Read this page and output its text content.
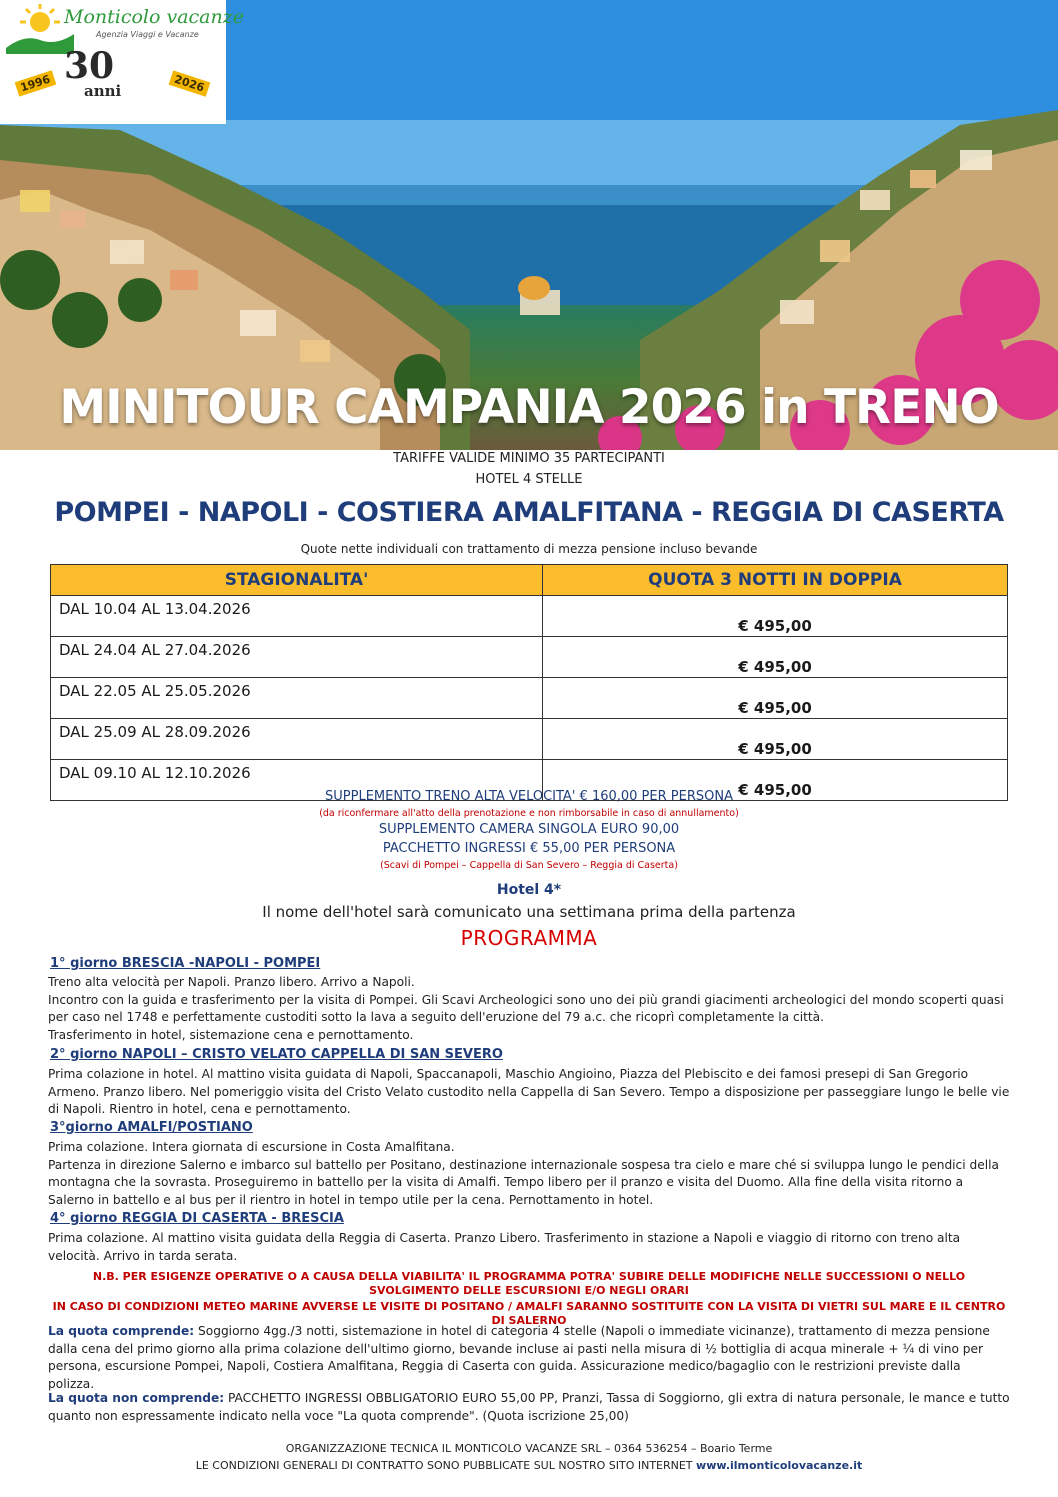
Monticolo vacanze
Agenzia Viaggi e Vacanze
1996	2026
30
anni
MINITOUR CAMPANIA 2026 in TRENO
TARIFFE VALIDE MINIMO 35 PARTECIPANTI
HOTEL 4 STELLE
POMPEI - NAPOLI - COSTIERA AMALFITANA - REGGIA DI CASERTA
Quote nette individuali con trattamento di mezza pensione incluso bevande
STAGIONALITA'	QUOTA 3 NOTTI IN DOPPIA
DAL 10.04 AL 13.04.2026	€ 495,00
DAL 24.04 AL 27.04.2026	€ 495,00
DAL 22.05 AL 25.05.2026	€ 495,00
DAL 25.09 AL 28.09.2026	€ 495,00
DAL 09.10 AL 12.10.2026	€ 495,00
SUPPLEMENTO TRENO ALTA VELOCITA' € 160,00 PER PERSONA
(da riconfermare all'atto della prenotazione e non rimborsabile in caso di annullamento)
SUPPLEMENTO CAMERA SINGOLA EURO 90,00
PACCHETTO INGRESSI € 55,00 PER PERSONA
(Scavi di Pompei – Cappella di San Severo – Reggia di Caserta)
Hotel 4*
Il nome dell'hotel sarà comunicato una settimana prima della partenza
PROGRAMMA
1° giorno BRESCIA -NAPOLI - POMPEI

Treno alta velocità per Napoli. Pranzo libero. Arrivo a Napoli.
Incontro con la guida e trasferimento per la visita di Pompei. Gli Scavi Archeologici sono uno dei più grandi giacimenti archeologici del mondo scoperti quasi per caso nel 1748 e perfettamente custoditi sotto la lava a seguito dell'eruzione del 79 a.c. che ricoprì completamente la città.
Trasferimento in hotel, sistemazione cena e pernottamento.

2° giorno NAPOLI – CRISTO VELATO CAPPELLA DI SAN SEVERO

Prima colazione in hotel. Al mattino visita guidata di Napoli, Spaccanapoli, Maschio Angioino, Piazza del Plebiscito e dei famosi presepi di San Gregorio Armeno. Pranzo libero. Nel pomeriggio visita del Cristo Velato custodito nella Cappella di San Severo. Tempo a disposizione per passeggiare lungo le belle vie di Napoli. Rientro in hotel, cena e pernottamento.

3°giorno AMALFI/POSTIANO

Prima colazione. Intera giornata di escursione in Costa Amalfitana.
Partenza in direzione Salerno e imbarco sul battello per Positano, destinazione internazionale sospesa tra cielo e mare ché si sviluppa lungo le pendici della montagna che la sovrasta. Proseguiremo in battello per la visita di Amalfi. Tempo libero per il pranzo e visita del Duomo. Alla fine della visita ritorno a Salerno in battello e al bus per il rientro in hotel in tempo utile per la cena. Pernottamento in hotel.

4° giorno REGGIA DI CASERTA - BRESCIA

Prima colazione. Al mattino visita guidata della Reggia di Caserta. Pranzo Libero. Trasferimento in stazione a Napoli e viaggio di ritorno con treno alta velocità. Arrivo in tarda serata.

N.B. PER ESIGENZE OPERATIVE O A CAUSA DELLA VIABILITA' IL PROGRAMMA POTRA' SUBIRE DELLE MODIFICHE NELLE SUCCESSIONI O NELLO SVOLGIMENTO DELLE ESCURSIONI E/O NEGLI ORARI
IN CASO DI CONDIZIONI METEO MARINE AVVERSE LE VISITE DI POSITANO / AMALFI SARANNO SOSTITUITE CON LA VISITA DI VIETRI SUL MARE E IL CENTRO DI SALERNO

La quota comprende: Soggiorno 4gg./3 notti, sistemazione in hotel di categoria 4 stelle (Napoli o immediate vicinanze), trattamento di mezza pensione dalla cena del primo giorno alla prima colazione dell'ultimo giorno, bevande incluse ai pasti nella misura di ½ bottiglia di acqua minerale + ¼ di vino per persona, escursione Pompei, Napoli, Costiera Amalfitana, Reggia di Caserta con guida. Assicurazione medico/bagaglio con le restrizioni previste dalla polizza.

La quota non comprende: PACCHETTO INGRESSI OBBLIGATORIO EURO 55,00 PP, Pranzi, Tassa di Soggiorno, gli extra di natura personale, le mance e tutto quanto non espressamente indicato nella voce "La quota comprende". (Quota iscrizione 25,00)

ORGANIZZAZIONE TECNICA IL MONTICOLO VACANZE SRL – 0364 536254 – Boario Terme
LE CONDIZIONI GENERALI DI CONTRATTO SONO PUBBLICATE SUL NOSTRO SITO INTERNET www.ilmonticolovacanze.it
